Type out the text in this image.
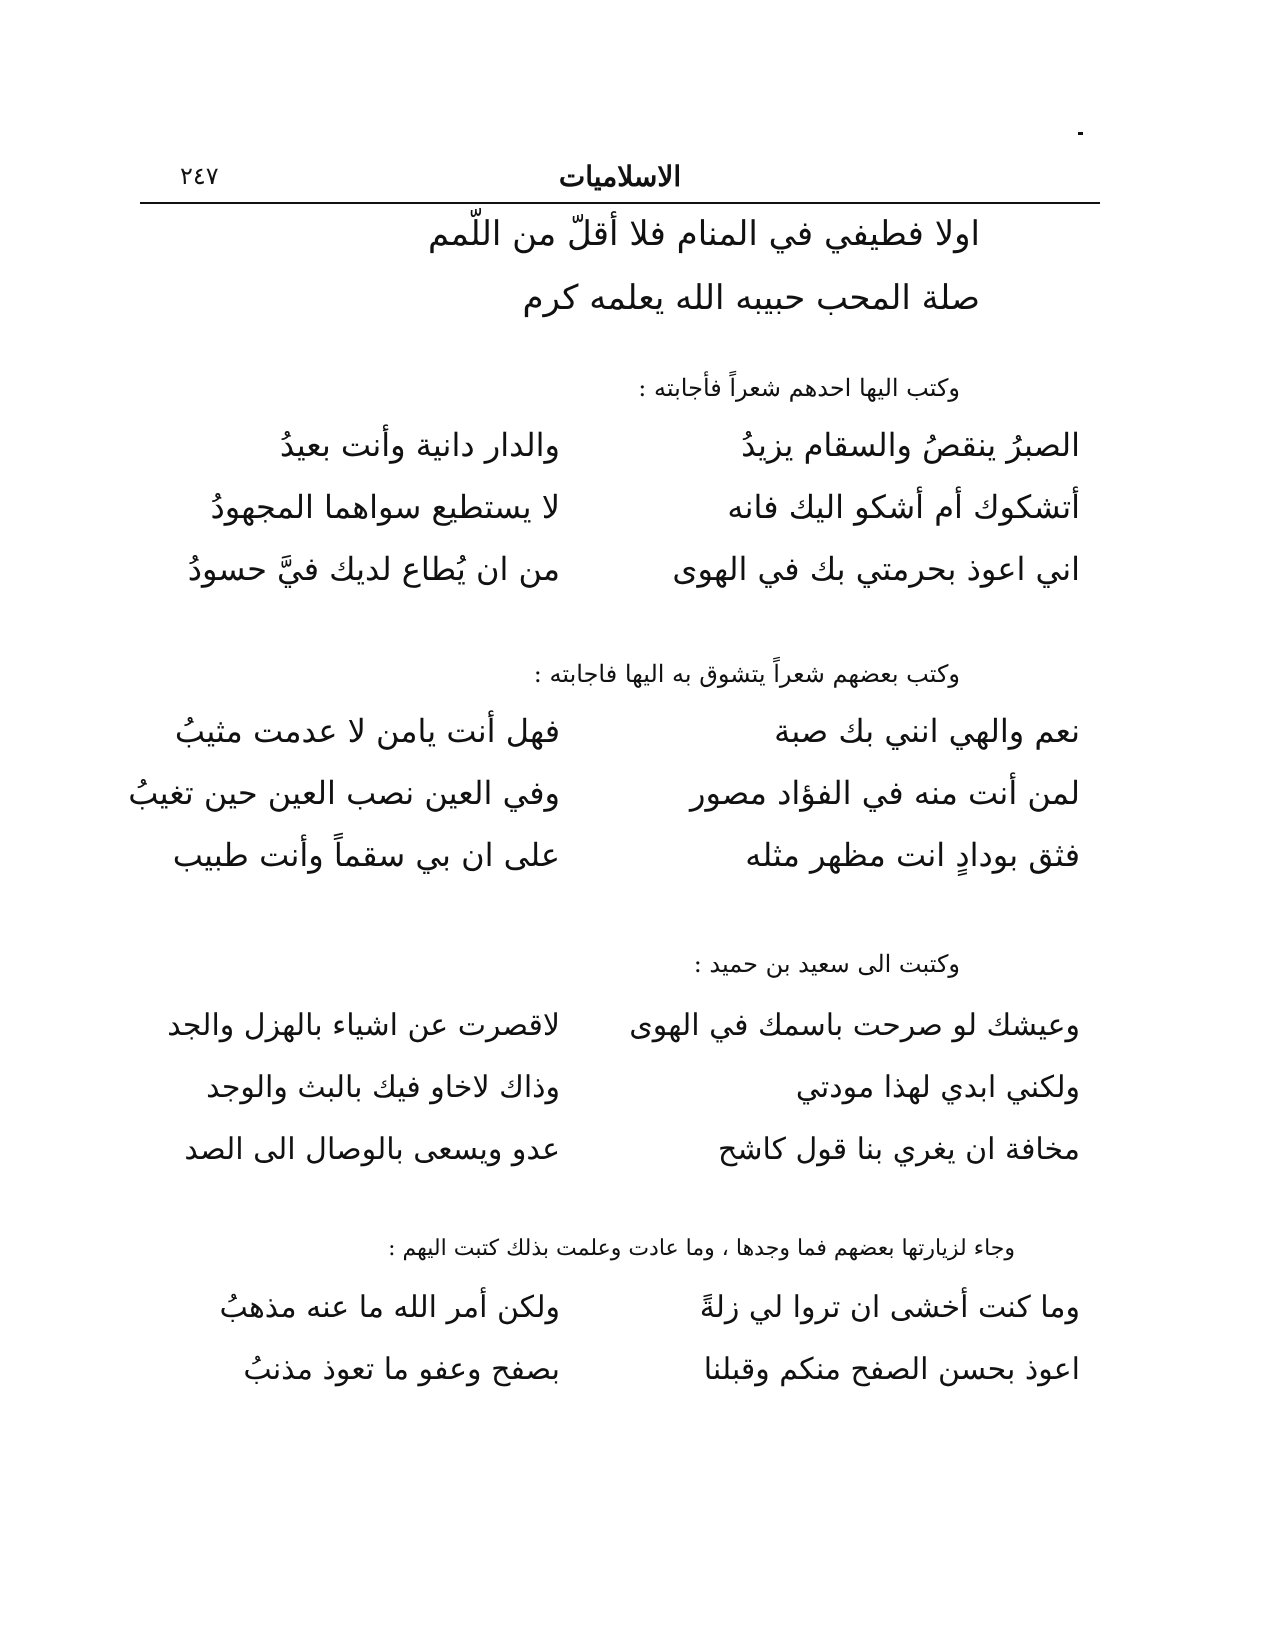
٢٤٧	الاسلاميات
اولا فطيفي في المنام فلا أقلّ من اللّمم
صلة المحب حبيبه الله يعلمه كرم
وكتب اليها احدهم شعراً فأجابته :
الصبرُ ينقصُ والسقام يزيدُ
والدار دانية وأنت بعيدُ
أتشكوك أم أشكو اليك فانه
لا يستطيع سواهما المجهودُ
اني اعوذ بحرمتي بك في الهوى
من ان يُطاع لديك فيَّ حسودُ
وكتب بعضهم شعراً يتشوق به اليها فاجابته :
نعم والهي انني بك صبة
فهل أنت يامن لا عدمت مثيبُ
لمن أنت منه في الفؤاد مصور
وفي العين نصب العين حين تغيبُ
فثق بودادٍ انت مظهر مثله
على ان بي سقماً وأنت طبيب
وكتبت الى سعيد بن حميد :
وعيشك لو صرحت باسمك في الهوى
لاقصرت عن اشياء بالهزل والجد
ولكني ابدي لهذا مودتي
وذاك لاخاو فيك بالبث والوجد
مخافة ان يغري بنا قول كاشح
عدو ويسعى بالوصال الى الصد
وجاء لزيارتها بعضهم فما وجدها ، وما عادت وعلمت بذلك كتبت اليهم :
وما كنت أخشى ان تروا لي زلةً
ولكن أمر الله ما عنه مذهبُ
اعوذ بحسن الصفح منكم وقبلنا
بصفح وعفو ما تعوذ مذنبُ
